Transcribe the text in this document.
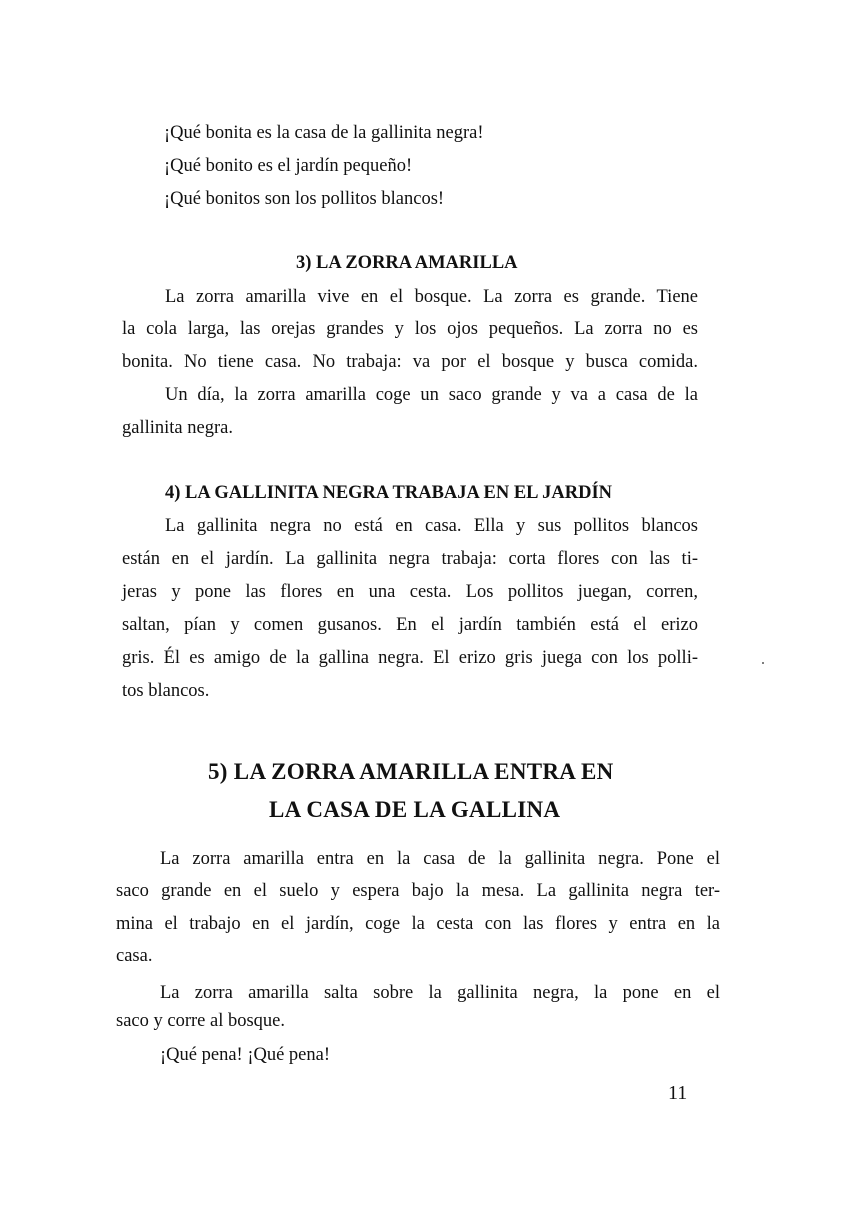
¡Qué bonita es la casa de la gallinita negra!
¡Qué bonito es el jardín pequeño!
¡Qué bonitos son los pollitos blancos!
3) LA ZORRA AMARILLA
La zorra amarilla vive en el bosque. La zorra es grande. Tiene
la cola larga, las orejas grandes y los ojos pequeños. La zorra no es
bonita. No tiene casa. No trabaja: va por el bosque y busca comida.
Un día, la zorra amarilla coge un saco grande y va a casa de la
gallinita negra.
4) LA GALLINITA NEGRA TRABAJA EN EL JARDÍN
La gallinita negra no está en casa. Ella y sus pollitos blancos
están en el jardín. La gallinita negra trabaja: corta flores con las ti-
jeras y pone las flores en una cesta. Los pollitos juegan, corren,
saltan, pían y comen gusanos. En el jardín también está el erizo
gris. Él es amigo de la gallina negra. El erizo gris juega con los polli-
tos blancos.
5) LA ZORRA AMARILLA ENTRA EN
LA CASA DE LA GALLINA
La zorra amarilla entra en la casa de la gallinita negra. Pone el
saco grande en el suelo y espera bajo la mesa. La gallinita negra ter-
mina el trabajo en el jardín, coge la cesta con las flores y entra en la
casa.
La zorra amarilla salta sobre la gallinita negra, la pone en el
saco y corre al bosque.
¡Qué pena! ¡Qué pena!
11
